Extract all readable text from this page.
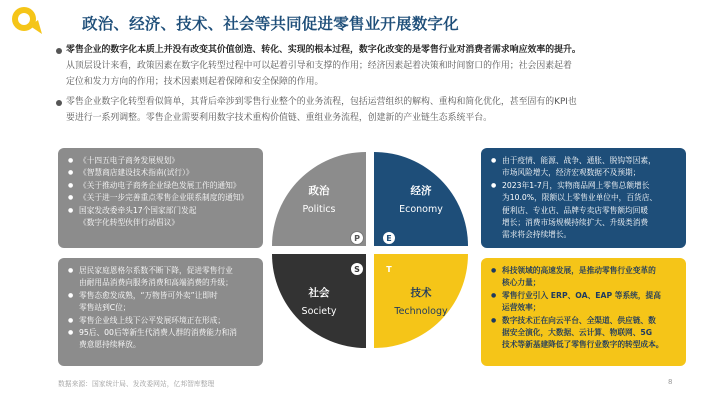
政治、经济、技术、社会等共同促进零售业开展数字化
零售企业的数字化本质上并没有改变其价值创造、转化、实现的根本过程，数字化改变的是零售行业对消费者需求响应效率的提升。
从顶层设计来看，政策因素在数字化转型过程中可以起着引导和支撑的作用；经济因素起着决策和时间窗口的作用；社会因素起着
定位和发力方向的作用；技术因素则起着保障和安全保障的作用。
零售企业数字化转型看似简单，其背后牵涉到零售行业整个的业务流程，包括运营组织的解构、重构和简化优化，甚至固有的KPI也
要进行一系列调整。零售企业需要利用数字技术重构价值链、重组业务流程，创建新的产业链生态系统平台。
● 《十四五电子商务发展规划》
● 《智慧商店建设技术指南(试行）》
● 《关于推动电子商务企业绿色发展工作的通知》
● 《关于进一步完善重点零售企业联系制度的通知》
● 国家发改委牵头17个国家部门发起
《数字化转型伙伴行动倡议》
● 由于疫情、能源、战争、通胀、脱钩等因素，
市场风险增大，经济宏观数据不及预期；
● 2023年1-7月，实物商品网上零售总额增长
为10.0%，限额以上零售业单位中，百货店、
便利店、专业店、品牌专卖店零售额均回暖
增长；消费市场规模持续扩大、升级类消费
需求将会持续增长。
● 居民家庭恩格尔系数不断下降，促进零售行业
由耐用品消费向服务消费和高端消费的升级；
● 零售态愈发成熟，“万物皆可外卖”让即时
零售站到C位；
● 零售企业线上线下公平发展环境正在形成；
● 95后、00后等新生代消费人群的消费能力和消
费意愿持续释放。
● 科技领域的高速发展，是推动零售行业变革的
核心力量；
● 零售行业引入 ERP、OA、EAP 等系统，提高
运营效率；
● 数字技术正在向云平台、全渠道、供应链、数
据安全演化，大数据、云计算、物联网、5G
技术等新基建降低了零售行业数字的转型成本。
政治
Politics
经济
Economy
社会
Society
技术
Technology
P	E
S	T
数据来源：国家统计局、发改委网站，亿邦智库整理	8
